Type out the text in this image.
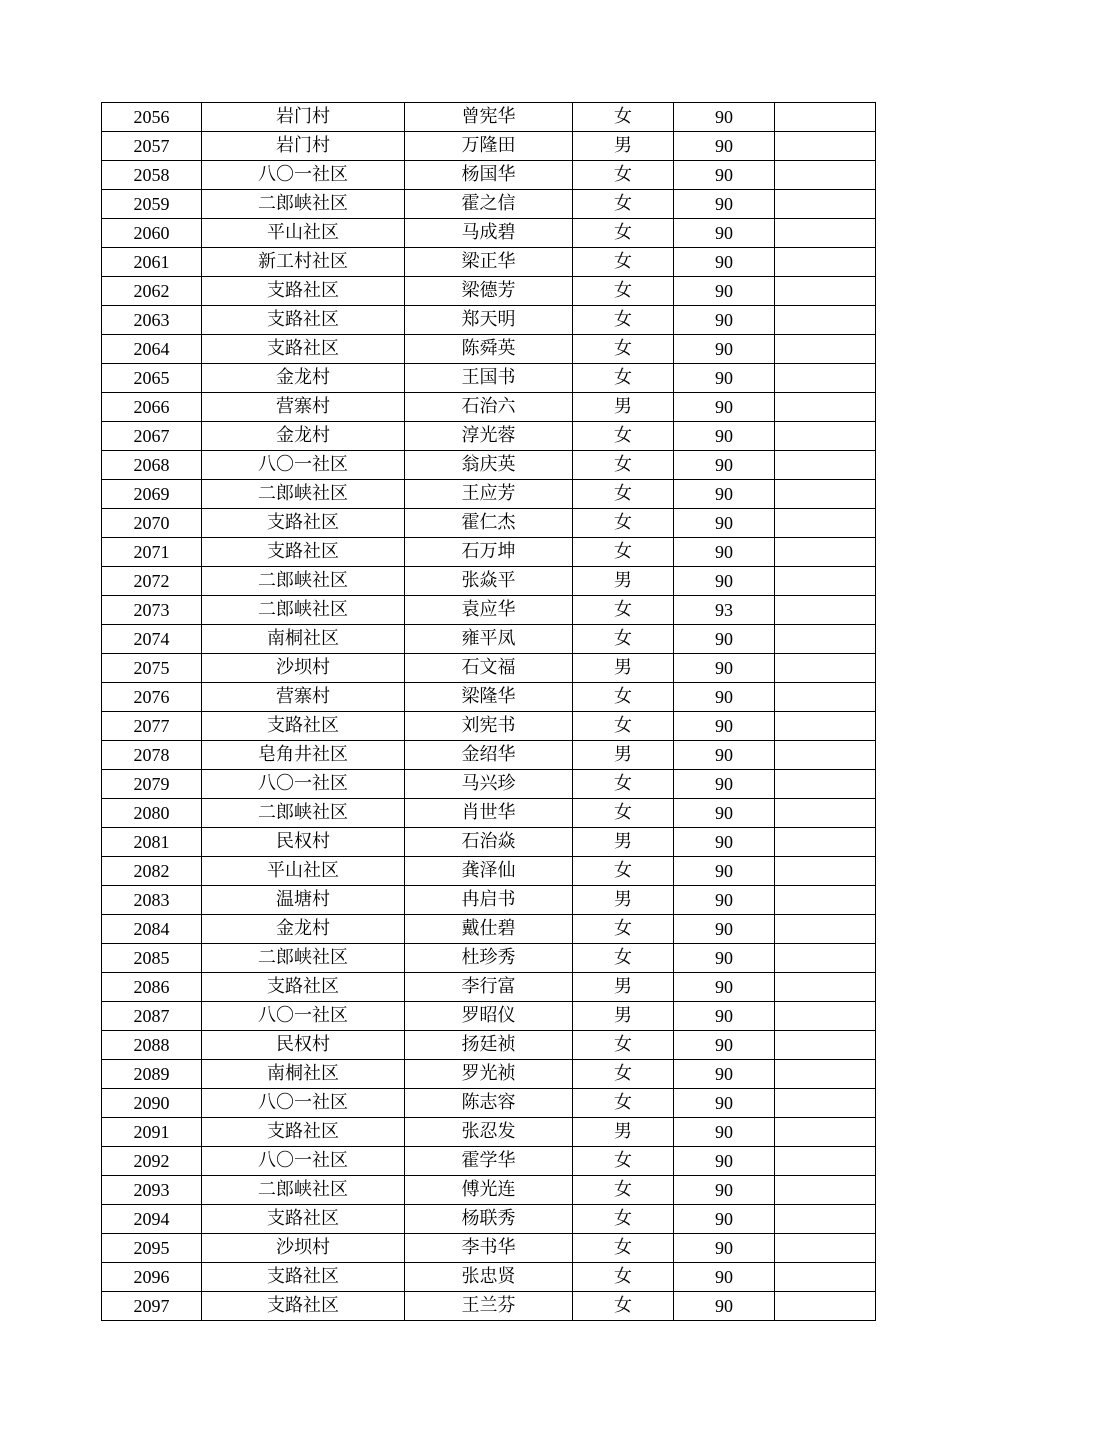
2056	岩门村	曾宪华	女	90	
2057	岩门村	万隆田	男	90	
2058	八〇一社区	杨国华	女	90	
2059	二郎峡社区	霍之信	女	90	
2060	平山社区	马成碧	女	90	
2061	新工村社区	梁正华	女	90	
2062	支路社区	梁德芳	女	90	
2063	支路社区	郑天明	女	90	
2064	支路社区	陈舜英	女	90	
2065	金龙村	王国书	女	90	
2066	营寨村	石治六	男	90	
2067	金龙村	淳光蓉	女	90	
2068	八〇一社区	翁庆英	女	90	
2069	二郎峡社区	王应芳	女	90	
2070	支路社区	霍仁杰	女	90	
2071	支路社区	石万坤	女	90	
2072	二郎峡社区	张焱平	男	90	
2073	二郎峡社区	袁应华	女	93	
2074	南桐社区	雍平凤	女	90	
2075	沙坝村	石文福	男	90	
2076	营寨村	梁隆华	女	90	
2077	支路社区	刘宪书	女	90	
2078	皂角井社区	金绍华	男	90	
2079	八〇一社区	马兴珍	女	90	
2080	二郎峡社区	肖世华	女	90	
2081	民权村	石治焱	男	90	
2082	平山社区	龚泽仙	女	90	
2083	温塘村	冉启书	男	90	
2084	金龙村	戴仕碧	女	90	
2085	二郎峡社区	杜珍秀	女	90	
2086	支路社区	李行富	男	90	
2087	八〇一社区	罗昭仪	男	90	
2088	民权村	扬廷祯	女	90	
2089	南桐社区	罗光祯	女	90	
2090	八〇一社区	陈志容	女	90	
2091	支路社区	张忍发	男	90	
2092	八〇一社区	霍学华	女	90	
2093	二郎峡社区	傅光连	女	90	
2094	支路社区	杨联秀	女	90	
2095	沙坝村	李书华	女	90	
2096	支路社区	张忠贤	女	90	
2097	支路社区	王兰芬	女	90	
